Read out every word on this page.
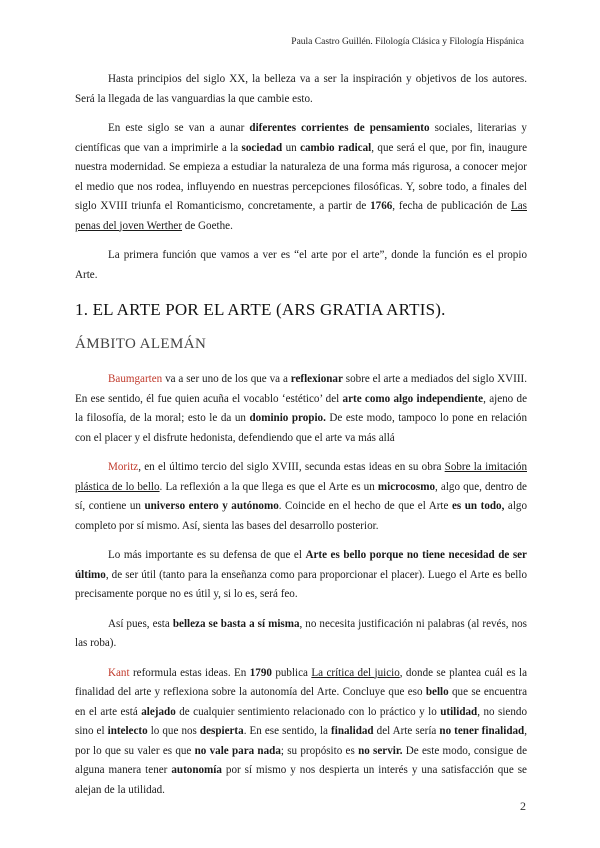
Paula Castro Guillén. Filología Clásica y Filología Hispánica

Hasta principios del siglo XX, la belleza va a ser la inspiración y objetivos de los autores. Será la llegada de las vanguardias la que cambie esto.

En este siglo se van a aunar diferentes corrientes de pensamiento sociales, literarias y científicas que van a imprimirle a la sociedad un cambio radical, que será el que, por fin, inaugure nuestra modernidad. Se empieza a estudiar la naturaleza de una forma más rigurosa, a conocer mejor el medio que nos rodea, influyendo en nuestras percepciones filosóficas. Y, sobre todo, a finales del siglo XVIII triunfa el Romanticismo, concretamente, a partir de 1766, fecha de publicación de Las penas del joven Werther de Goethe.

La primera función que vamos a ver es “el arte por el arte”, donde la función es el propio Arte.

1. EL ARTE POR EL ARTE (ARS GRATIA ARTIS).
ÁMBITO ALEMÁN

Baumgarten va a ser uno de los que va a reflexionar sobre el arte a mediados del siglo XVIII. En ese sentido, él fue quien acuña el vocablo ‘estético’ del arte como algo independiente, ajeno de la filosofía, de la moral; esto le da un dominio propio. De este modo, tampoco lo pone en relación con el placer y el disfrute hedonista, defendiendo que el arte va más allá

Moritz, en el último tercio del siglo XVIII, secunda estas ideas en su obra Sobre la imitación plástica de lo bello. La reflexión a la que llega es que el Arte es un microcosmo, algo que, dentro de sí, contiene un universo entero y autónomo. Coincide en el hecho de que el Arte es un todo, algo completo por sí mismo. Así, sienta las bases del desarrollo posterior.

Lo más importante es su defensa de que el Arte es bello porque no tiene necesidad de ser último, de ser útil (tanto para la enseñanza como para proporcionar el placer). Luego el Arte es bello precisamente porque no es útil y, si lo es, será feo.

Así pues, esta belleza se basta a sí misma, no necesita justificación ni palabras (al revés, nos las roba).

Kant reformula estas ideas. En 1790 publica La crítica del juicio, donde se plantea cuál es la finalidad del arte y reflexiona sobre la autonomía del Arte. Concluye que eso bello que se encuentra en el arte está alejado de cualquier sentimiento relacionado con lo práctico y lo utilidad, no siendo sino el intelecto lo que nos despierta. En ese sentido, la finalidad del Arte sería no tener finalidad, por lo que su valer es que no vale para nada; su propósito es no servir. De este modo, consigue de alguna manera tener autonomía por sí mismo y nos despierta un interés y una satisfacción que se alejan de la utilidad.

2
